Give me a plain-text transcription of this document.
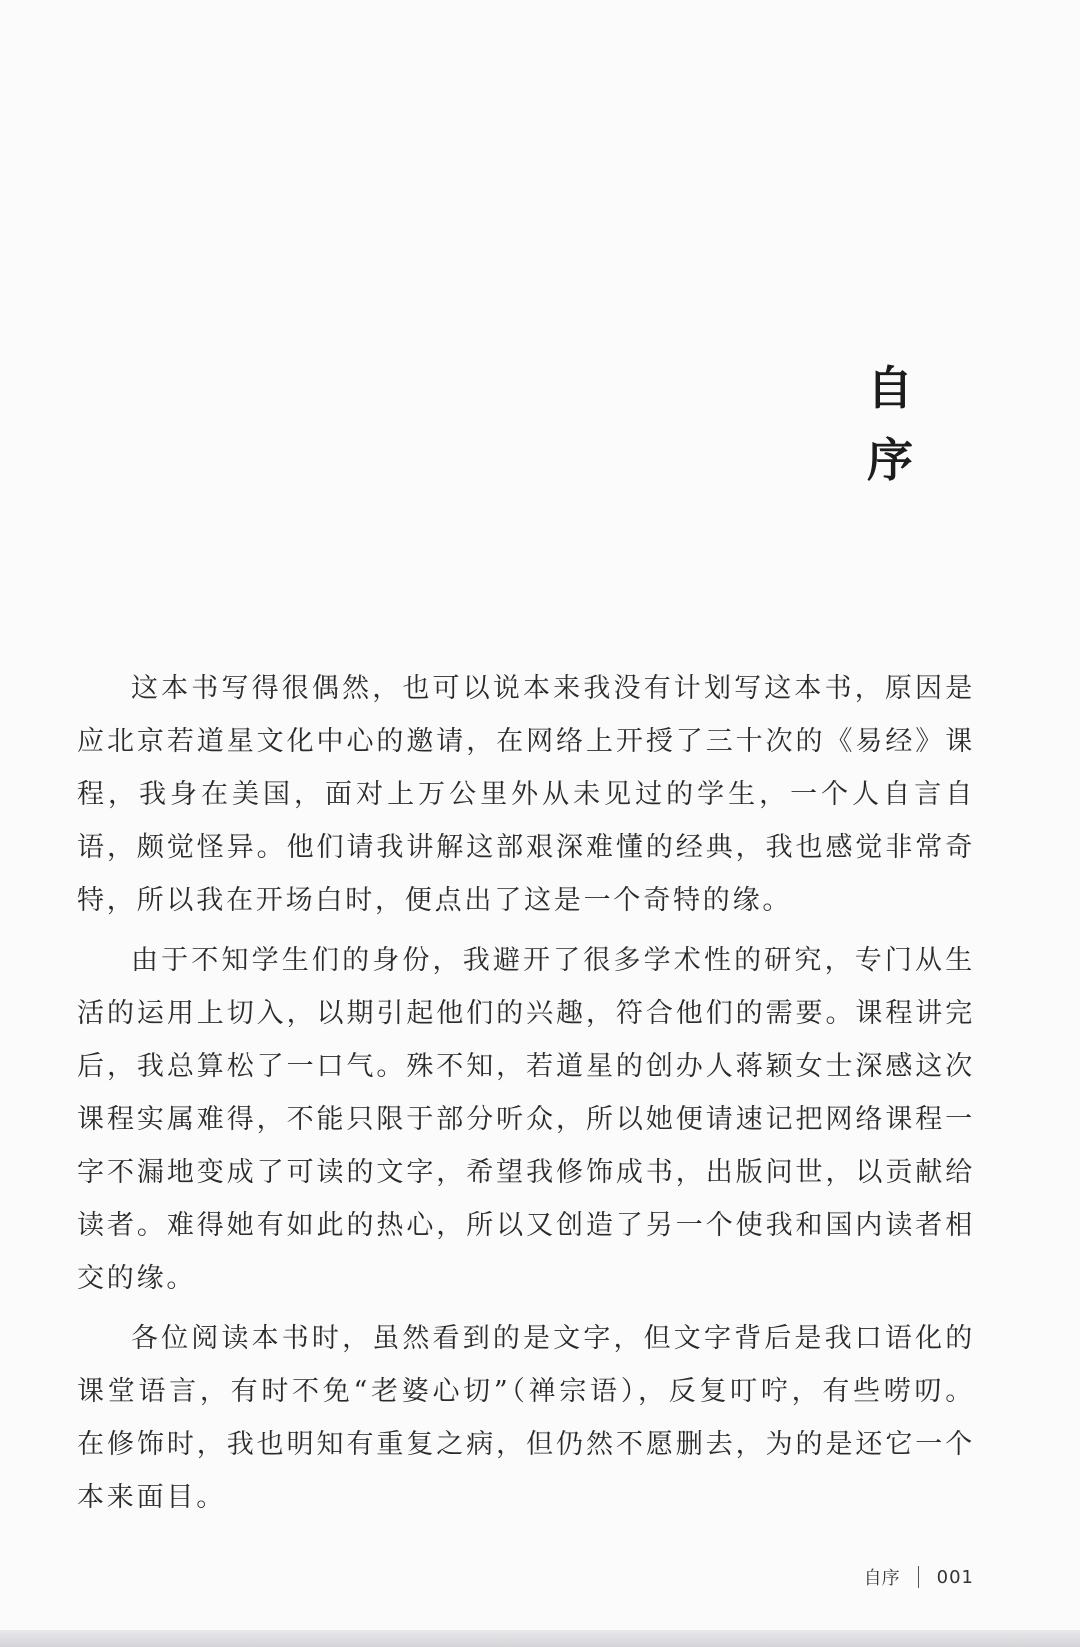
自
序

这本书写得很偶然，也可以说本来我没有计划写这本书，原因是应北京若道星文化中心的邀请，在网络上开授了三十次的《易经》课程，我身在美国，面对上万公里外从未见过的学生，一个人自言自语，颇觉怪异。他们请我讲解这部艰深难懂的经典，我也感觉非常奇特，所以我在开场白时，便点出了这是一个奇特的缘。

由于不知学生们的身份，我避开了很多学术性的研究，专门从生活的运用上切入，以期引起他们的兴趣，符合他们的需要。课程讲完后，我总算松了一口气。殊不知，若道星的创办人蒋颖女士深感这次课程实属难得，不能只限于部分听众，所以她便请速记把网络课程一字不漏地变成了可读的文字，希望我修饰成书，出版问世，以贡献给读者。难得她有如此的热心，所以又创造了另一个使我和国内读者相交的缘。

各位阅读本书时，虽然看到的是文字，但文字背后是我口语化的课堂语言，有时不免“老婆心切”（禅宗语），反复叮咛，有些唠叨。在修饰时，我也明知有重复之病，但仍然不愿删去，为的是还它一个本来面目。

自序 001
